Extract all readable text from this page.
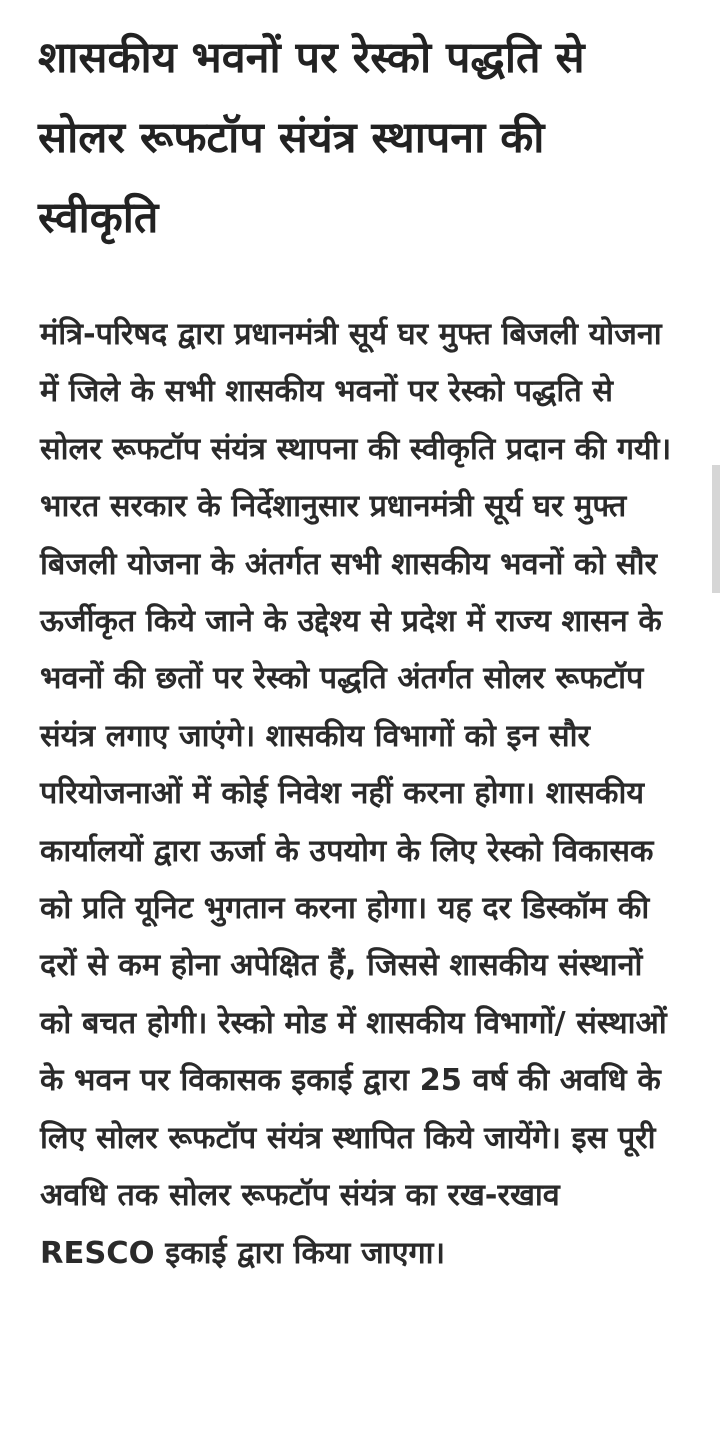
शासकीय भवनों पर रेस्को पद्धति से सोलर रूफटॉप संयंत्र स्थापना की स्वीकृति

मंत्रि-परिषद द्वारा प्रधानमंत्री सूर्य घर मुफ्त बिजली योजना में जिले के सभी शासकीय भवनों पर रेस्को पद्धति से सोलर रूफटॉप संयंत्र स्थापना की स्वीकृति प्रदान की गयी। भारत सरकार के निर्देशानुसार प्रधानमंत्री सूर्य घर मुफ्त बिजली योजना के अंतर्गत सभी शासकीय भवनों को सौर ऊर्जीकृत किये जाने के उद्देश्य से प्रदेश में राज्य शासन के भवनों की छतों पर रेस्को पद्धति अंतर्गत सोलर रूफटॉप संयंत्र लगाए जाएंगे। शासकीय विभागों को इन सौर परियोजनाओं में कोई निवेश नहीं करना होगा। शासकीय कार्यालयों द्वारा ऊर्जा के उपयोग के लिए रेस्को विकासक को प्रति यूनिट भुगतान करना होगा। यह दर डिस्कॉम की दरों से कम होना अपेक्षित हैं, जिससे शासकीय संस्थानों को बचत होगी। रेस्को मोड में शासकीय विभागों/ संस्थाओं के भवन पर विकासक इकाई द्वारा 25 वर्ष की अवधि के लिए सोलर रूफटॉप संयंत्र स्थापित किये जायेंगे। इस पूरी अवधि तक सोलर रूफटॉप संयंत्र का रख-रखाव RESCO इकाई द्वारा किया जाएगा।
